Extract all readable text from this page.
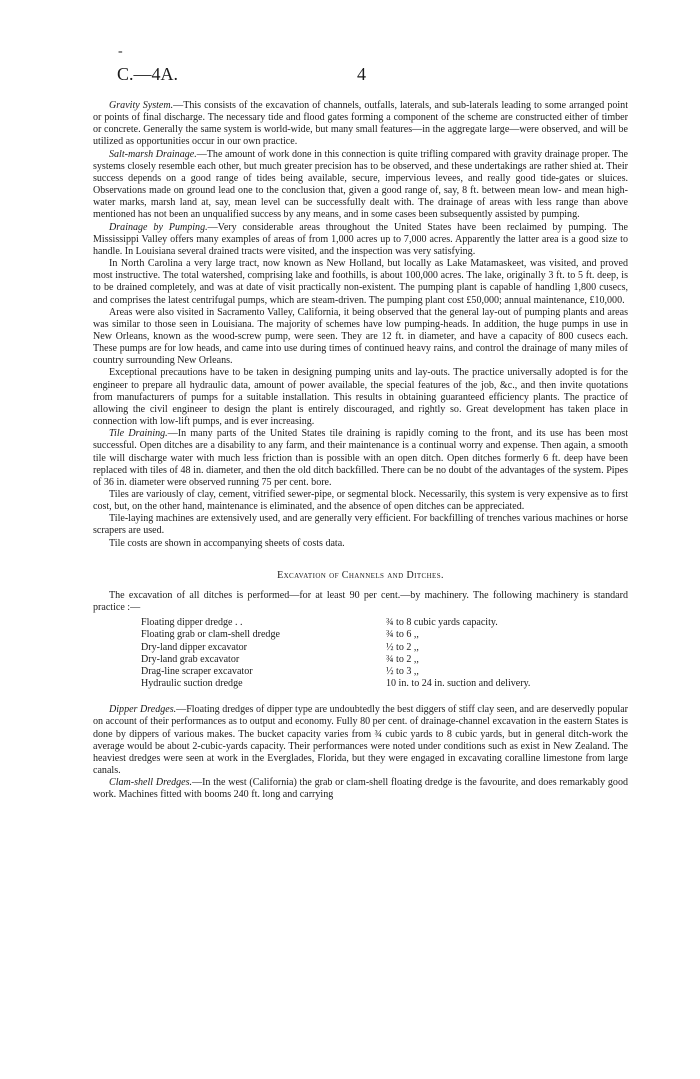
-
C.—4A.	4

Gravity System.—This consists of the excavation of channels, outfalls, laterals, and sub-laterals leading to some arranged point or points of final discharge. The necessary tide and flood gates forming a component of the scheme are constructed either of timber or concrete. Generally the same system is world-wide, but many small features—in the aggregate large—were observed, and will be utilized as opportunities occur in our own practice.

Salt-marsh Drainage.—The amount of work done in this connection is quite trifling compared with gravity drainage proper. The systems closely resemble each other, but much greater precision has to be observed, and these undertakings are rather shied at. Their success depends on a good range of tides being available, secure, impervious levees, and really good tide-gates or sluices. Observations made on ground lead one to the conclusion that, given a good range of, say, 8 ft. between mean low- and mean high-water marks, marsh land at, say, mean level can be successfully dealt with. The drainage of areas with less range than above mentioned has not been an unqualified success by any means, and in some cases been subsequently assisted by pumping.

Drainage by Pumping.—Very considerable areas throughout the United States have been reclaimed by pumping. The Mississippi Valley offers many examples of areas of from 1,000 acres up to 7,000 acres. Apparently the latter area is a good size to handle. In Louisiana several drained tracts were visited, and the inspection was very satisfying.

In North Carolina a very large tract, now known as New Holland, but locally as Lake Matamaskeet, was visited, and proved most instructive. The total watershed, comprising lake and foothills, is about 100,000 acres. The lake, originally 3 ft. to 5 ft. deep, is to be drained completely, and was at date of visit practically non-existent. The pumping plant is capable of handling 1,800 cusecs, and comprises the latest centrifugal pumps, which are steam-driven. The pumping plant cost £50,000; annual maintenance, £10,000.

Areas were also visited in Sacramento Valley, California, it being observed that the general lay-out of pumping plants and areas was similar to those seen in Louisiana. The majority of schemes have low pumping-heads. In addition, the huge pumps in use in New Orleans, known as the wood-screw pump, were seen. They are 12 ft. in diameter, and have a capacity of 800 cusecs each. These pumps are for low heads, and came into use during times of continued heavy rains, and control the drainage of many miles of country surrounding New Orleans.

Exceptional precautions have to be taken in designing pumping units and lay-outs. The practice universally adopted is for the engineer to prepare all hydraulic data, amount of power available, the special features of the job, &c., and then invite quotations from manufacturers of pumps for a suitable installation. This results in obtaining guaranteed efficiency plants. The practice of allowing the civil engineer to design the plant is entirely discouraged, and rightly so. Great development has taken place in connection with low-lift pumps, and is ever increasing.

Tile Draining.—In many parts of the United States tile draining is rapidly coming to the front, and its use has been most successful. Open ditches are a disability to any farm, and their maintenance is a continual worry and expense. Then again, a smooth tile will discharge water with much less friction than is possible with an open ditch. Open ditches formerly 6 ft. deep have been replaced with tiles of 48 in. diameter, and then the old ditch backfilled. There can be no doubt of the advantages of the system. Pipes of 36 in. diameter were observed running 75 per cent. bore.

Tiles are variously of clay, cement, vitrified sewer-pipe, or segmental block. Necessarily, this system is very expensive as to first cost, but, on the other hand, maintenance is eliminated, and the absence of open ditches can be appreciated.

Tile-laying machines are extensively used, and are generally very efficient. For backfilling of trenches various machines or horse scrapers are used.

Tile costs are shown in accompanying sheets of costs data.

Excavation of Channels and Ditches.

The excavation of all ditches is performed—for at least 90 per cent.—by machinery. The following machinery is standard practice :—

Floating dipper dredge . .	¾ to 8 cubic yards capacity.
Floating grab or clam-shell dredge	¾ to 6 ,,
Dry-land dipper excavator	½ to 2 ,,
Dry-land grab excavator	¾ to 2 ,,
Drag-line scraper excavator	½ to 3 ,,
Hydraulic suction dredge	10 in. to 24 in. suction and delivery.

Dipper Dredges.—Floating dredges of dipper type are undoubtedly the best diggers of stiff clay seen, and are deservedly popular on account of their performances as to output and economy. Fully 80 per cent. of drainage-channel excavation in the eastern States is done by dippers of various makes. The bucket capacity varies from ¾ cubic yards to 8 cubic yards, but in general ditch-work the average would be about 2-cubic-yards capacity. Their performances were noted under conditions such as exist in New Zealand. The heaviest dredges were seen at work in the Everglades, Florida, but they were engaged in excavating coralline limestone from large canals.

Clam-shell Dredges.—In the west (California) the grab or clam-shell floating dredge is the favourite, and does remarkably good work. Machines fitted with booms 240 ft. long and carrying
